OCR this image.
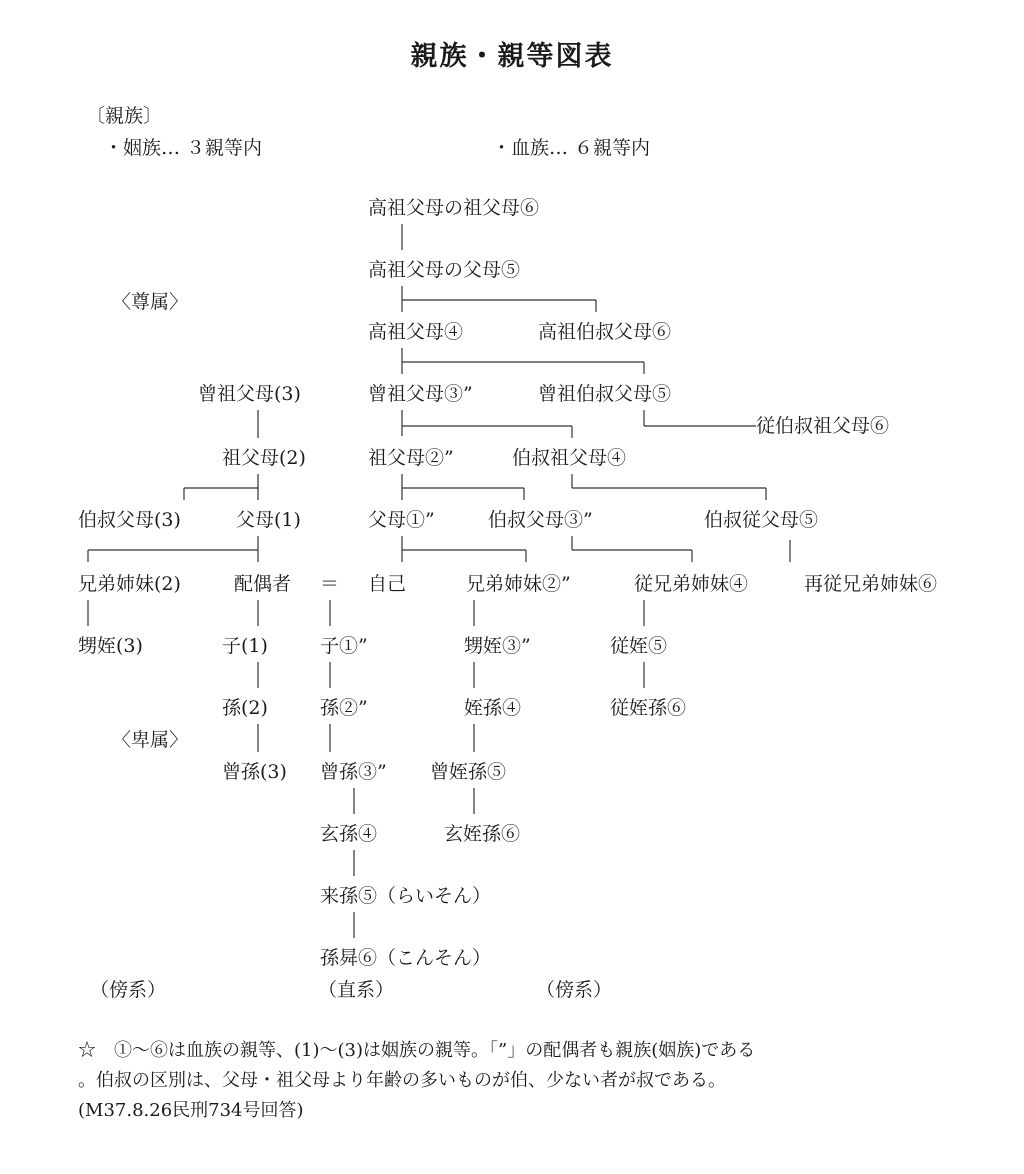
親族・親等図表
〔親族〕
・姻族… ３親等内	・血族… ６親等内
〈尊属〉
〈卑属〉
（傍系）	（直系）	（傍系）
高祖父母の祖父母⑥
高祖父母の父母⑤
高祖父母④	高祖伯叔父母⑥
曾祖父母(3)	曾祖父母③”	曾祖伯叔父母⑤
従伯叔祖父母⑥
祖父母(2)	祖父母②”	伯叔祖父母④
伯叔父母(3)	父母(1)	父母①”	伯叔父母③”	伯叔従父母⑤
兄弟姉妹(2)	配偶者 ＝ 自己	兄弟姉妹②”	従兄弟姉妹④	再従兄弟姉妹⑥
甥姪(3)	子(1)	子①”	甥姪③”	従姪⑤
孫(2)	孫②”	姪孫④	従姪孫⑥
曾孫(3) 曾孫③” 曾姪孫⑤
玄孫④	玄姪孫⑥
来孫⑤（らいそん）
孫曻⑥（こんそん）
☆　①～⑥は血族の親等、(1)～(3)は姻族の親等。「”」の配偶者も親族(姻族)である
。伯叔の区別は、父母・祖父母より年齢の多いものが伯、少ない者が叔である。
(M37.8.26民刑734号回答)
